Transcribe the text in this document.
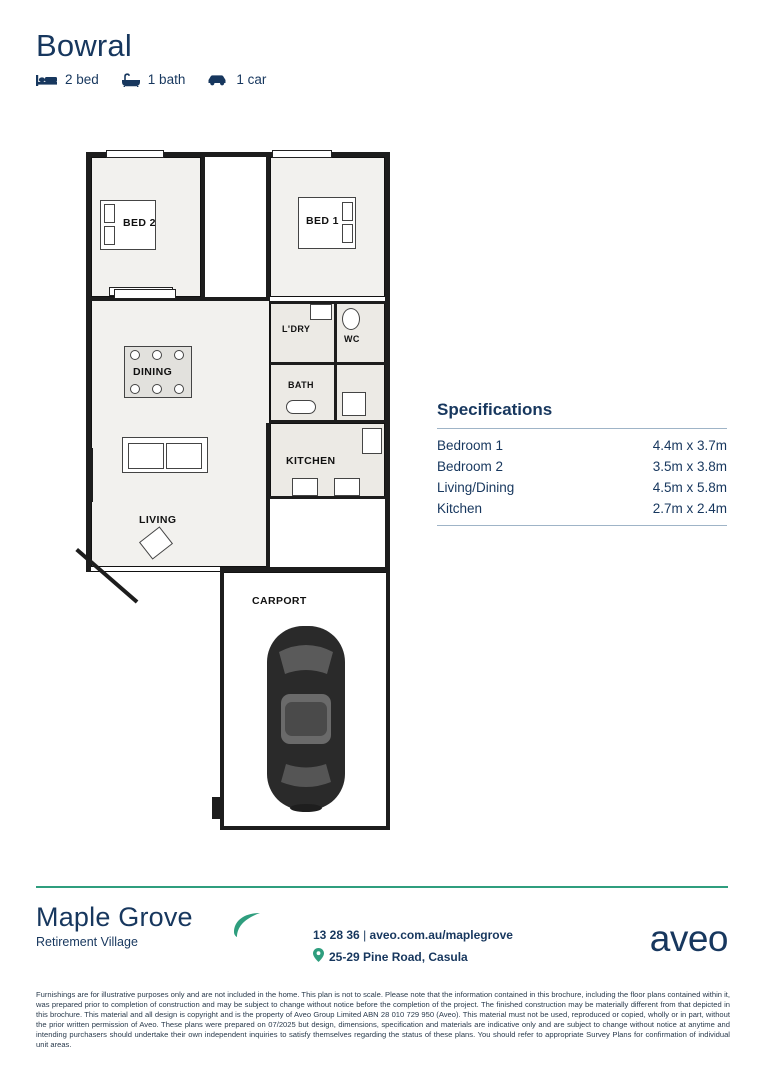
Bowral
2 bed	1 bath	1 car
BED 2	BED 1
L'DRY
WC
BATH
DINING
LIVING
KITCHEN
CARPORT
Specifications
Bedroom 1	4.4m x 3.7m
Bedroom 2	3.5m x 3.8m
Living/Dining	4.5m x 5.8m
Kitchen	2.7m x 2.4m
Maple Grove
Retirement Village	13 28 36 | aveo.com.au/maplegrove
25-29 Pine Road, Casula	aveo
Furnishings are for illustrative purposes only and are not included in the home. This plan is not to scale. Please note that the information contained in this brochure, including the floor plans contained within it, was prepared prior to completion of construction and may be subject to change without notice before the completion of the project. The finished construction may be materially different from that depicted in this brochure. This material and all design is copyright and is the property of Aveo Group Limited ABN 28 010 729 950 (Aveo). This material must not be used, reproduced or copied, wholly or in part, without the prior written permission of Aveo. These plans were prepared on 07/2025 but design, dimensions, specification and materials are indicative only and are subject to change without notice at anytime and intending purchasers should undertake their own independent inquiries to satisfy themselves regarding the status of these plans. You should refer to appropriate Survey Plans for confirmation of individual unit areas.
